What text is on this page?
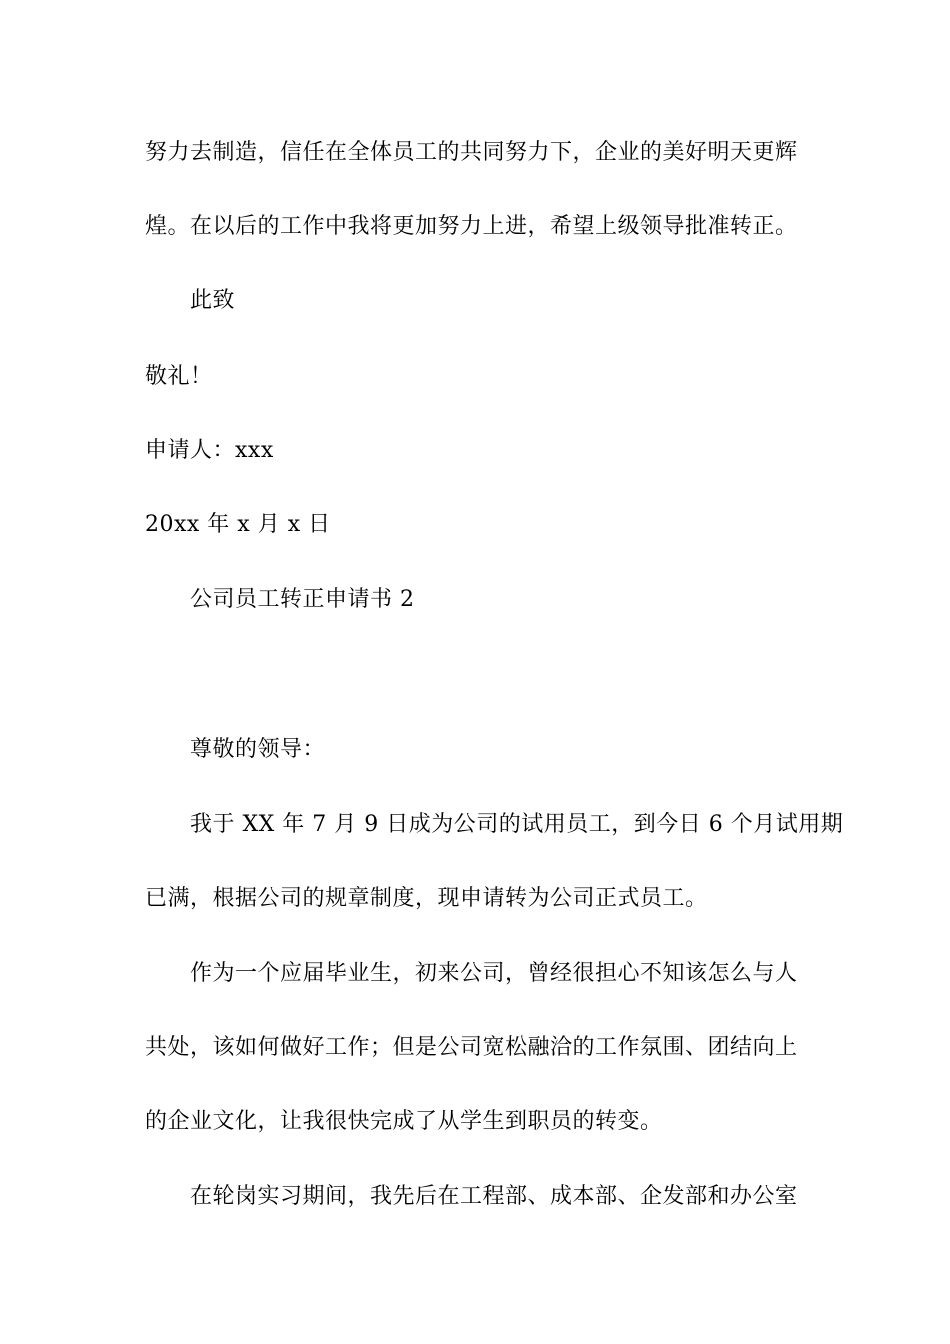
努力去制造，信任在全体员工的共同努力下，企业的美好明天更辉
煌。在以后的工作中我将更加努力上进，希望上级领导批准转正。
此致
敬礼！
申请人：xxx
20xx 年 x 月 x 日
公司员工转正申请书 2
尊敬的领导：
我于 XX 年 7 月 9 日成为公司的试用员工，到今日 6 个月试用期
已满，根据公司的规章制度，现申请转为公司正式员工。
作为一个应届毕业生，初来公司，曾经很担心不知该怎么与人
共处，该如何做好工作；但是公司宽松融洽的工作氛围、团结向上
的企业文化，让我很快完成了从学生到职员的转变。
在轮岗实习期间，我先后在工程部、成本部、企发部和办公室
